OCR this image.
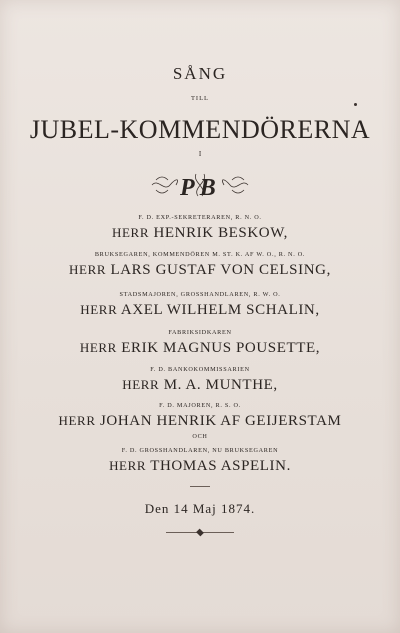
SÅNG
TILL
JUBEL-KOMMENDÖRERNA
I
P B
F. D. EXP.-SEKRETERAREN, R. N. O.
HERR HENRIK BESKOW,
BRUKSEGAREN, KOMMENDÖREN M. ST. K. AF W. O., R. N. O.
HERR LARS GUSTAF VON CELSING,
STADSMAJOREN, GROSSHANDLAREN, R. W. O.
HERR AXEL WILHELM SCHALIN,
FABRIKSIDKAREN
HERR ERIK MAGNUS POUSETTE,
F. D. BANKOKOMMISSARIEN
HERR M. A. MUNTHE,
F. D. MAJOREN, R. S. O.
HERR JOHAN HENRIK AF GEIJERSTAM
OCH
F. D. GROSSHANDLAREN, NU BRUKSEGAREN
HERR THOMAS ASPELIN.
Den 14 Maj 1874.
